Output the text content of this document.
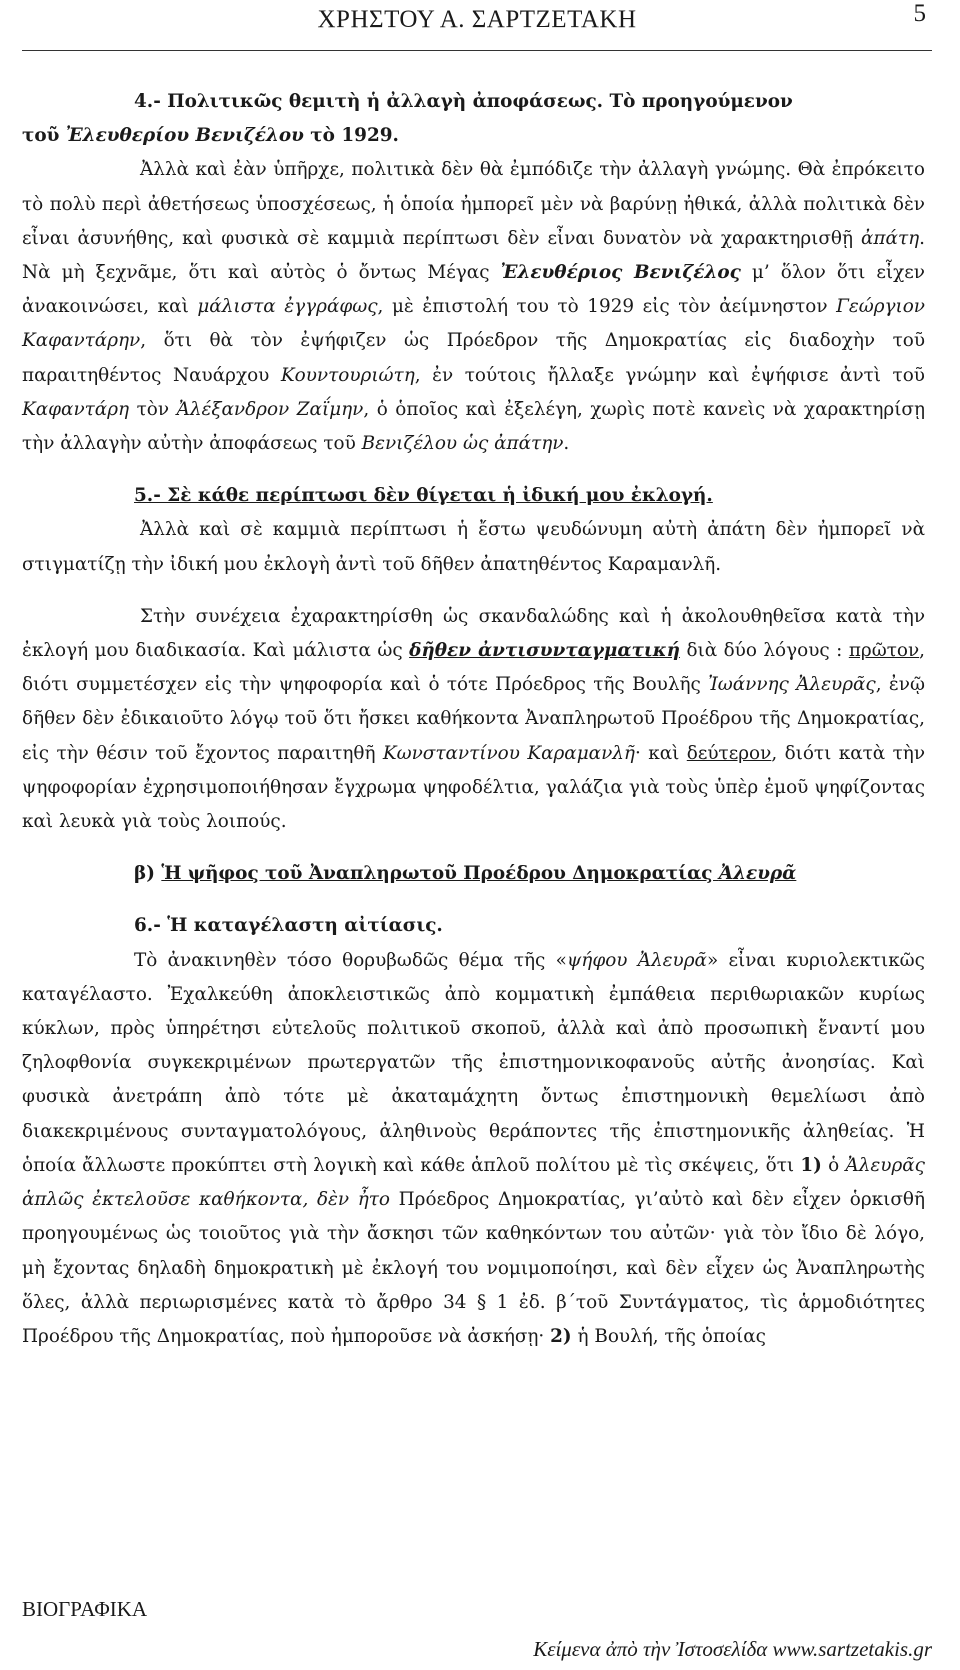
ΧΡΗΣΤΟΥ Α. ΣΑΡΤΖΕΤΑΚΗ	5

4.- Πολιτικῶς θεμιτὴ ἡ ἀλλαγὴ ἀποφάσεως. Τὸ προηγούμενον

τοῦ Ἐλευθερίου Βενιζέλου τὸ 1929.

Ἀλλὰ καὶ ἐὰν ὑπῆρχε, πολιτικὰ δὲν θὰ ἐμπόδιζε τὴν ἀλλαγὴ γνώμης. Θὰ ἐπρόκειτο τὸ πολὺ περὶ ἀθετήσεως ὑποσχέσεως, ἡ ὁποία ἠμπορεῖ μὲν νὰ βαρύνῃ ἠθικά, ἀλλὰ πολιτικὰ δὲν εἶναι ἀσυνήθης, καὶ φυσικὰ σὲ καμμιὰ περίπτωσι δὲν εἶναι δυνατὸν νὰ χαρακτηρισθῇ ἀπάτη. Νὰ μὴ ξεχνᾶμε, ὅτι καὶ αὐτὸς ὁ ὄντως Μέγας Ἐλευθέριος Βενιζέλος μ’ ὅλον ὅτι εἶχεν ἀνακοινώσει, καὶ μάλιστα ἐγγράφως, μὲ ἐπιστολή του τὸ 1929 εἰς τὸν ἀείμνηστον Γεώργιον Καφαντάρην, ὅτι θὰ τὸν ἐψήφιζεν ὡς Πρόεδρον τῆς Δημοκρατίας εἰς διαδοχὴν τοῦ παραιτηθέντος Ναυάρχου Κουντουριώτη, ἐν τούτοις ἤλλαξε γνώμην καὶ ἐψήφισε ἀντὶ τοῦ Καφαντάρη τὸν Ἀλέξανδρον Ζαΐμην, ὁ ὁποῖος καὶ ἐξελέγη, χωρὶς ποτὲ κανεὶς νὰ χαρακτηρίσῃ τὴν ἀλλαγὴν αὐτὴν ἀποφάσεως τοῦ Βενιζέλου ὡς ἀπάτην.

5.- Σὲ κάθε περίπτωσι δὲν θίγεται ἡ ἰδική μου ἐκλογή.

Ἀλλὰ καὶ σὲ καμμιὰ περίπτωσι ἡ ἔστω ψευδώνυμη αὐτὴ ἀπάτη δὲν ἠμπορεῖ νὰ στιγματίζῃ τὴν ἰδική μου ἐκλογὴ ἀντὶ τοῦ δῆθεν ἀπατηθέντος Καραμανλῆ.

Στὴν συνέχεια ἐχαρακτηρίσθη ὡς σκανδαλώδης καὶ ἡ ἀκολουθηθεῖσα κατὰ τὴν ἐκλογή μου διαδικασία. Καὶ μάλιστα ὡς δῆθεν ἀντισυνταγματική διὰ δύο λόγους : πρῶτον, διότι συμμετέσχεν εἰς τὴν ψηφοφορία καὶ ὁ τότε Πρόεδρος τῆς Βουλῆς Ἰωάννης Ἀλευρᾶς, ἐνῷ δῆθεν δὲν ἐδικαιοῦτο λόγῳ τοῦ ὅτι ἤσκει καθήκοντα Ἀναπληρωτοῦ Προέδρου τῆς Δημοκρατίας, εἰς τὴν θέσιν τοῦ ἔχοντος παραιτηθῆ Κωνσταντίνου Καραμανλῆ· καὶ δεύτερον, διότι κατὰ τὴν ψηφοφορίαν ἐχρησιμοποιήθησαν ἔγχρωμα ψηφοδέλτια, γαλάζια γιὰ τοὺς ὑπὲρ ἐμοῦ ψηφίζοντας καὶ λευκὰ γιὰ τοὺς λοιπούς.

β) Ἡ ψῆφος τοῦ Ἀναπληρωτοῦ Προέδρου Δημοκρατίας Ἀλευρᾶ

6.- Ἡ καταγέλαστη αἰτίασις.

Τὸ ἀνακινηθὲν τόσο θορυβωδῶς θέμα τῆς «ψήφου Ἀλευρᾶ» εἶναι κυριολεκτικῶς καταγέλαστο. Ἐχαλκεύθη ἀποκλειστικῶς ἀπὸ κομματικὴ ἐμπάθεια περιθωριακῶν κυρίως κύκλων, πρὸς ὑπηρέτησι εὐτελοῦς πολιτικοῦ σκοποῦ, ἀλλὰ καὶ ἀπὸ προσωπικὴ ἔναντί μου ζηλοφθονία συγκεκριμένων πρωτεργατῶν τῆς ἐπιστημονικοφανοῦς αὐτῆς ἀνοησίας. Καὶ φυσικὰ ἀνετράπη ἀπὸ τότε μὲ ἀκαταμάχητη ὄντως ἐπιστημονικὴ θεμελίωσι ἀπὸ διακεκριμένους συνταγματολόγους, ἀληθινοὺς θεράποντες τῆς ἐπιστημονικῆς ἀληθείας. Ἡ ὁποία ἄλλωστε προκύπτει στὴ λογικὴ καὶ κάθε ἁπλοῦ πολίτου μὲ τὶς σκέψεις, ὅτι 1) ὁ Ἀλευρᾶς ἁπλῶς ἐκτελοῦσε καθήκοντα, δὲν ἦτο Πρόεδρος Δημοκρατίας, γι’αὐτὸ καὶ δὲν εἶχεν ὁρκισθῆ προηγουμένως ὡς τοιοῦτος γιὰ τὴν ἄσκησι τῶν καθηκόντων του αὐτῶν· γιὰ τὸν ἴδιο δὲ λόγο, μὴ ἔχοντας δηλαδὴ δημοκρατικὴ μὲ ἐκλογή του νομιμοποίησι, καὶ δὲν εἶχεν ὡς Ἀναπληρωτὴς ὅλες, ἀλλὰ περιωρισμένες κατὰ τὸ ἄρθρο 34 § 1 ἐδ. β΄τοῦ Συντάγματος, τὶς ἁρμοδιότητες Προέδρου τῆς Δημοκρατίας, ποὺ ἠμποροῦσε νὰ ἀσκήσῃ· 2) ἡ Βουλή, τῆς ὁποίας

ΒΙΟΓΡΑΦΙΚΑ
Κείμενα ἀπὸ τὴν Ἰστοσελίδα www.sartzetakis.gr
